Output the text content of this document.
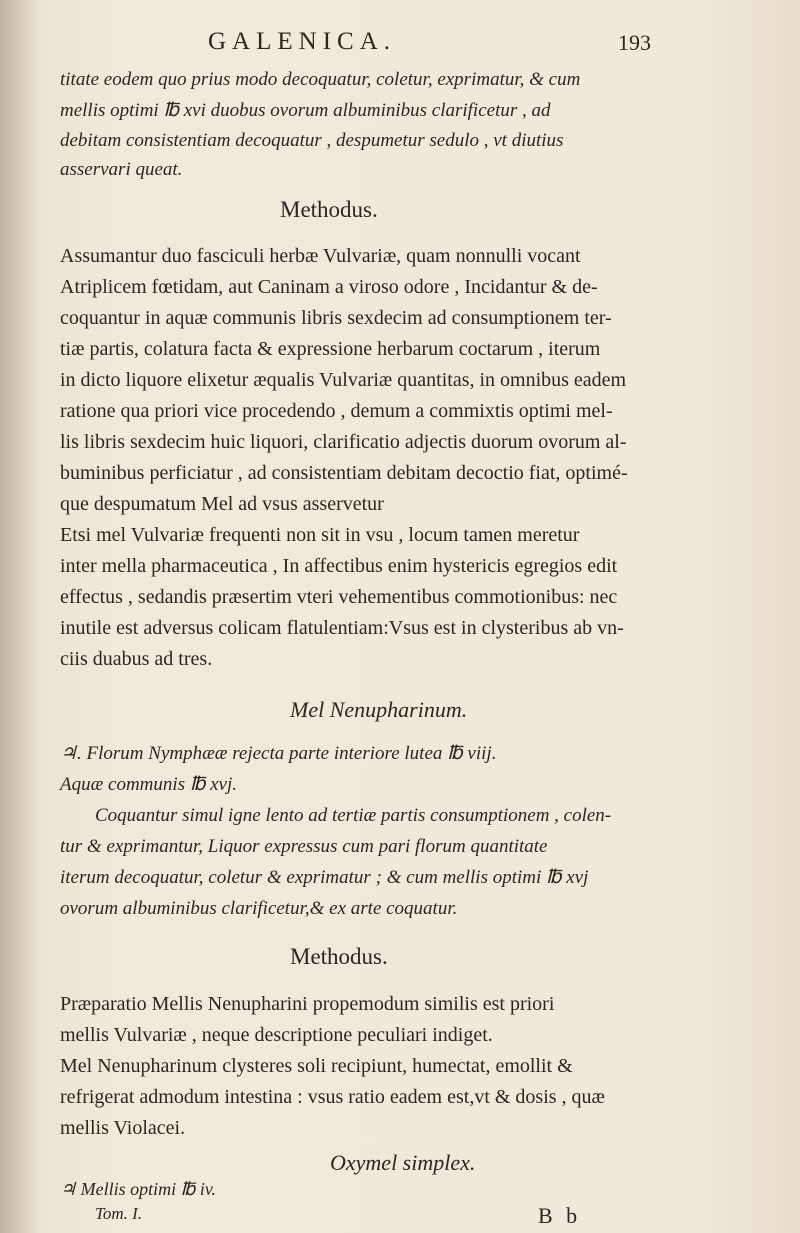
GALENICA.	193
titate eodem quo prius modo decoquatur, coletur, exprimatur, & cum
mellis optimi ℔ xvi duobus ovorum albuminibus clarificetur , ad
debitam consistentiam decoquatur , despumetur sedulo , vt diutius
asservari queat.
Methodus.
Assumantur duo fasciculi herbæ Vulvariæ, quam nonnulli vocant
Atriplicem fœtidam, aut Caninam a viroso odore , Incidantur & de-
coquantur in aquæ communis libris sexdecim ad consumptionem ter-
tiæ partis, colatura facta & expressione herbarum coctarum , iterum
in dicto liquore elixetur æqualis Vulvariæ quantitas, in omnibus eadem
ratione qua priori vice procedendo , demum a commixtis optimi mel-
lis libris sexdecim huic liquori, clarificatio adjectis duorum ovorum al-
buminibus perficiatur , ad consistentiam debitam decoctio fiat, optimé-
que despumatum Mel ad vsus asservetur
Etsi mel Vulvariæ frequenti non sit in vsu , locum tamen meretur
inter mella pharmaceutica , In affectibus enim hystericis egregios edit
effectus , sedandis præsertim vteri vehementibus commotionibus: nec
inutile est adversus colicam flatulentiam:Vsus est in clysteribus ab vn-
ciis duabus ad tres.
Mel Nenupharinum.
♃. Florum Nymphææ rejecta parte interiore lutea ℔ viij.
Aquæ communis ℔ xvj.
Coquantur simul igne lento ad tertiæ partis consumptionem , colen-
tur & exprimantur, Liquor expressus cum pari florum quantitate
iterum decoquatur, coletur & exprimatur ; & cum mellis optimi ℔ xvj
ovorum albuminibus clarificetur,& ex arte coquatur.
Methodus.
Præparatio Mellis Nenupharini propemodum similis est priori
mellis Vulvariæ , neque descriptione peculiari indiget.
Mel Nenupharinum clysteres soli recipiunt, humectat, emollit &
refrigerat admodum intestina : vsus ratio eadem est,vt & dosis , quæ
mellis Violacei.
Oxymel simplex.
♃ Mellis optimi ℔ iv.
Tom. I.	B b
